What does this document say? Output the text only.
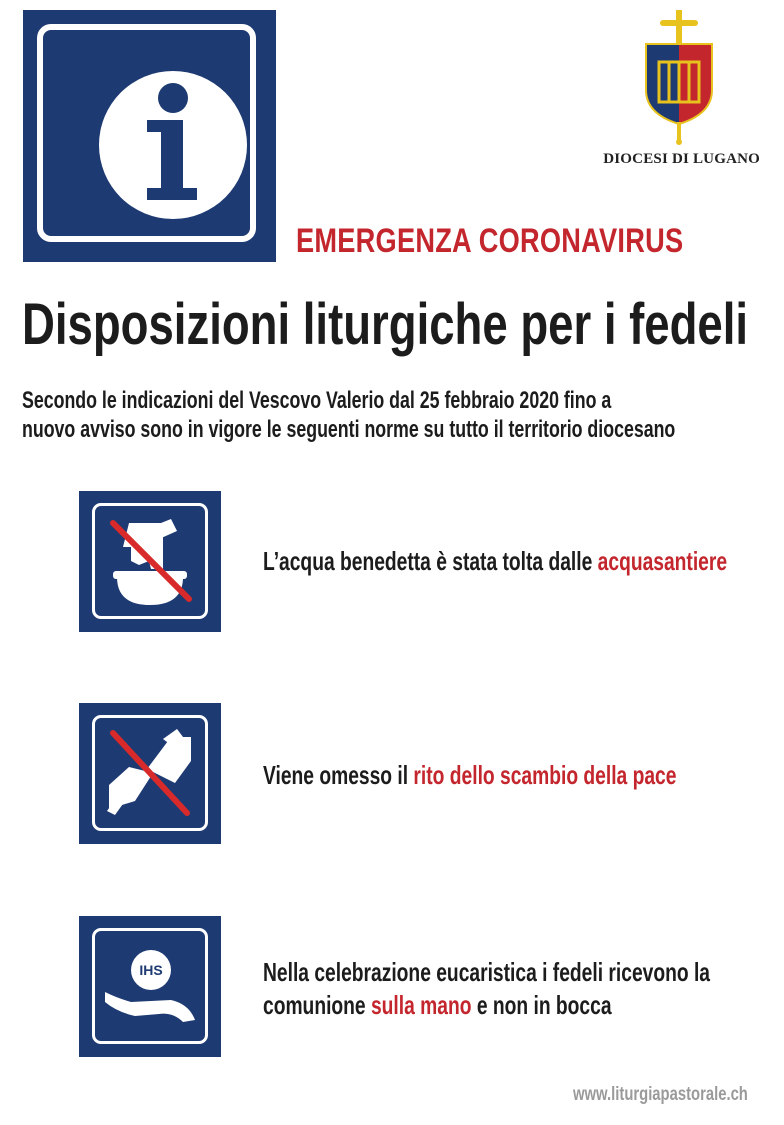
DIOCESI DI LUGANO
EMERGENZA CORONAVIRUS
Disposizioni liturgiche per i fedeli
Secondo le indicazioni del Vescovo Valerio dal 25 febbraio 2020 fino a
nuovo avviso sono in vigore le seguenti norme su tutto il territorio diocesano
L’acqua benedetta è stata tolta dalle acquasantiere
Viene omesso il rito dello scambio della pace
IHS	Nella celebrazione eucaristica i fedeli ricevono la
comunione sulla mano e non in bocca
www.liturgiapastorale.ch
